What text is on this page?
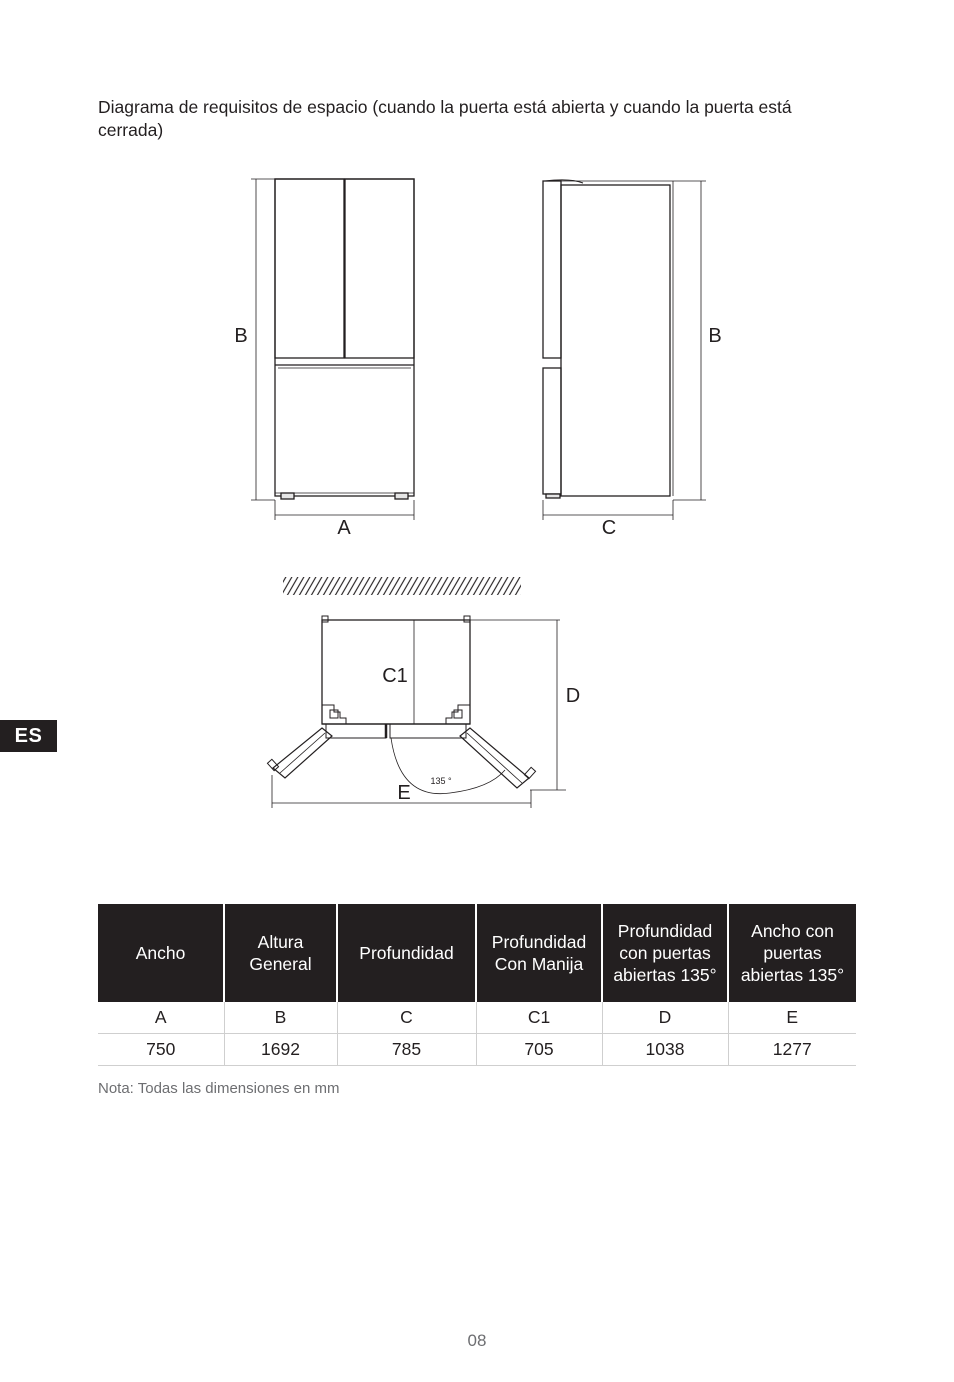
Diagrama de requisitos de espacio (cuando la puerta está abierta y cuando la puerta está cerrada)

ES
B
A
B
C
C1
D
E
135 °
Ancho	Altura General	Profundidad	Profundidad Con Manija	Profundidad con puertas abiertas 135°	Ancho con puertas abiertas 135°
A	B	C	C1	D	E
750	1692	785	705	1038	1277
Nota: Todas las dimensiones en mm
08
